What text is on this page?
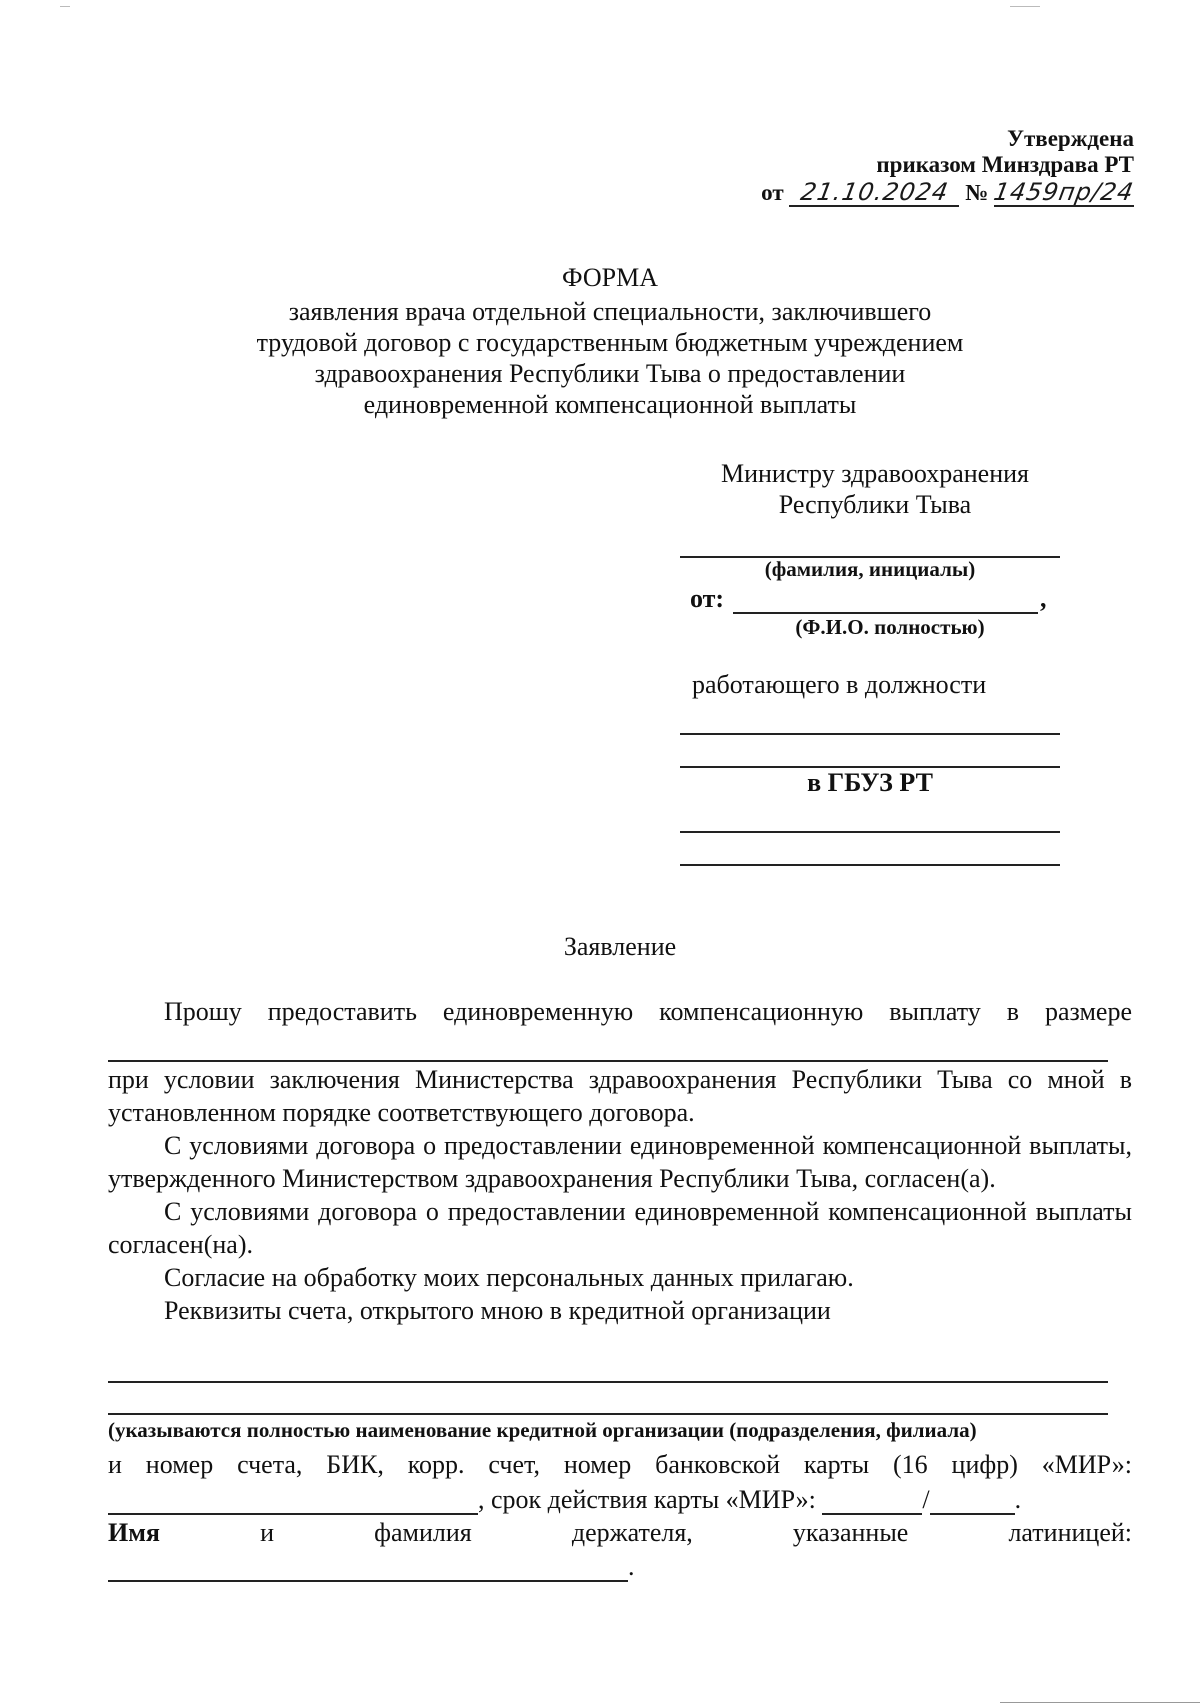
Утверждена
приказом Минздрава РТ
от 21.10.2024 № 1459пр/24
ФОРМА
заявления врача отдельной специальности, заключившего
трудовой договор с государственным бюджетным учреждением
здравоохранения Республики Тыва о предоставлении
единовременной компенсационной выплаты
Министру здравоохранения
Республики Тыва
(фамилия, инициалы)
от:	,
(Ф.И.О. полностью)
работающего в должности
в ГБУЗ РТ
Заявление
Прошу предоставить единовременную компенсационную выплату в размере

при условии заключения Министерства здравоохранения Республики Тыва со мной в

установленном порядке соответствующего договора.

С условиями договора о предоставлении единовременной компенсационной выплаты, утвержденного Министерством здравоохранения Республики Тыва, согласен(а).

С условиями договора о предоставлении единовременной компенсационной выплаты согласен(на).

Согласие на обработку моих персональных данных прилагаю.

Реквизиты счета, открытого мною в кредитной организации

(указываются полностью наименование кредитной организации (подразделения, филиала)
и номер счета, БИК, корр. счет, номер банковской карты (16 цифр) «МИР»:
, срок действия карты «МИР»:	/	.
Имя	и	фамилия	держателя,	указанные	латиницей:
.
